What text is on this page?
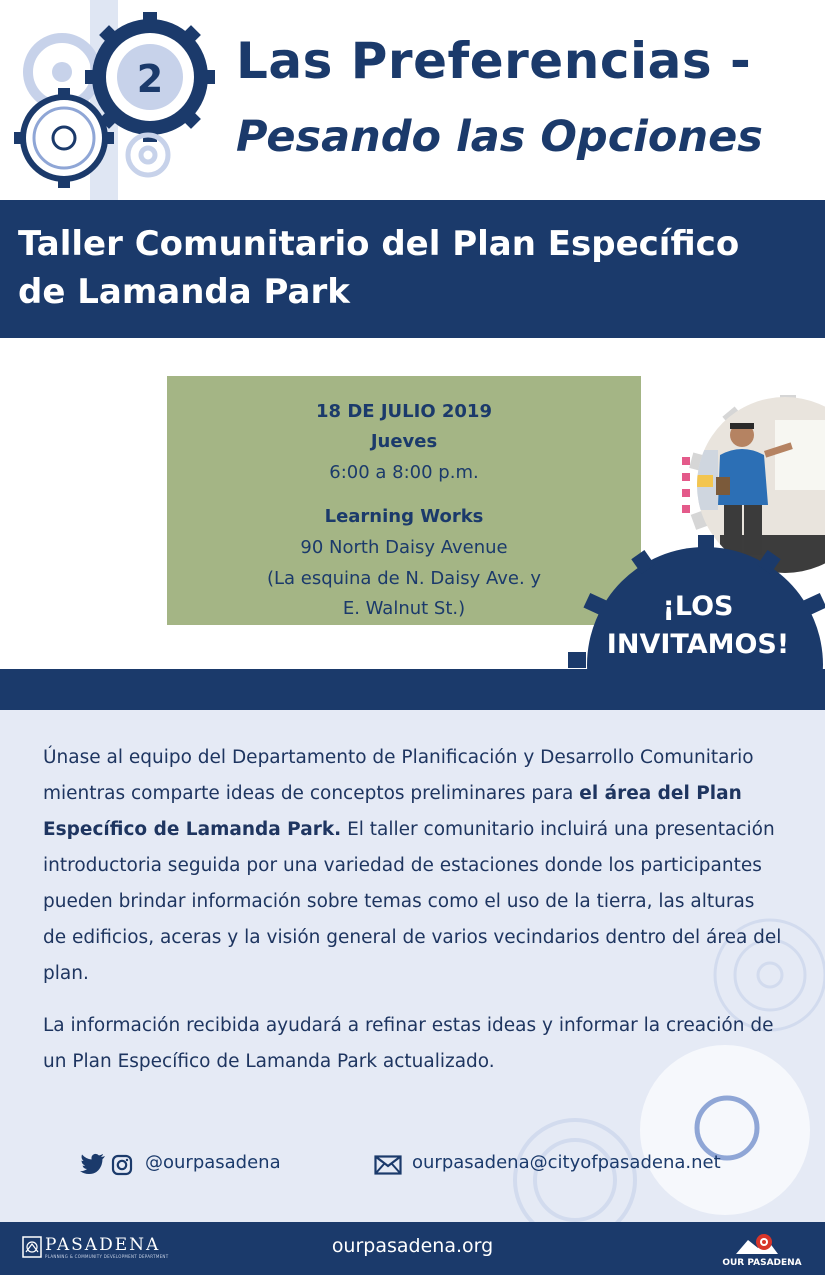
2 Las Preferencias -
Pesando las Opciones
Taller Comunitario del Plan Específico
de Lamanda Park
18 DE JULIO 2019
Jueves
6:00 a 8:00 p.m.
Learning Works
90 North Daisy Avenue
(La esquina de N. Daisy Ave. y
E. Walnut St.)	¡LOS
INVITAMOS!
Únase al equipo del Departamento de Planificación y Desarrollo Comunitario mientras comparte ideas de conceptos preliminares para el área del Plan Específico de Lamanda Park. El taller comunitario incluirá una presentación introductoria seguida por una variedad de estaciones donde los participantes pueden brindar información sobre temas como el uso de la tierra, las alturas de edificios, aceras y la visión general de varios vecindarios dentro del área del plan.
La información recibida ayudará a refinar estas ideas y informar la creación de un Plan Específico de Lamanda Park actualizado.
@ourpasadena	ourpasadena@cityofpasadena.net
PASADENA
PLANNING & COMMUNITY DEVELOPMENT DEPARTMENT	ourpasadena.org
OUR PASADENA
